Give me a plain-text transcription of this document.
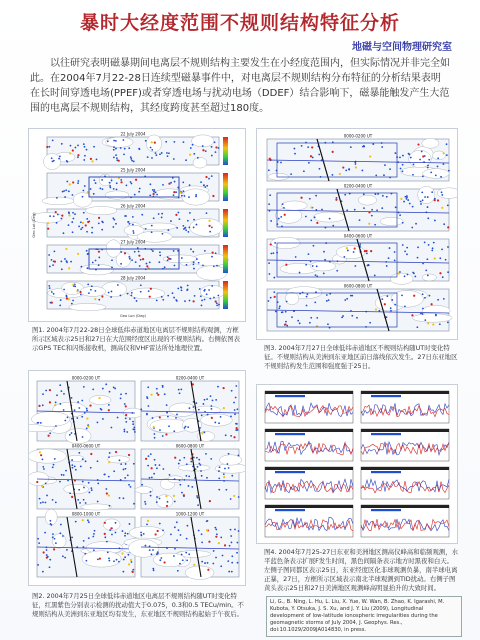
暴时大经度范围不规则结构特征分析
地磁与空间物理研究室
以往研究表明磁暴期间电离层不规则结构主要发生在小经度范围内，但实际情况并非完全如此。在2004年7月22-28日连续型磁暴事件中，对电离层不规则结构分布特征的分析结果表明在长时间穿透电场(PPEF)或者穿透电场与扰动电场（DDEF）结合影响下，磁暴能触发产生大范围的电离层不规则结构，其经度跨度甚至超过180度。
22 July 2004
25 July 2004
26 July 2004
27 July 2004
28 July 2004
Geo Lon (Deg)
Geo Lat (Deg)
图1. 2004年7月22-28日全球低纬赤道地区电离层不规则结构观测，方框所示区域表示25日和27日在大范围经度区出现的不规则结构。右侧依图表示GPS TEC和闪烁接收机，测高仪和VHF雷达所处地理位置。
0000-0200 UT
0200-0400 UT
0400-0600 UT
0600-0800 UT
图3. 2004年7月27日全球低纬赤道地区不规则结构随UT时变化特征。不规则结构从美洲到东亚地区前日落线依次发生。27日东亚地区不规则结构发生范围和强度强于25日。
0000-0200 UT	0200-0400 UT
0400-0600 UT	0600-0800 UT
0800-1000 UT	1000-1200 UT
图2. 2004年7月25日全球低纬赤道地区电离层不规则结构随UT时变化特征，红黑紫色分别表示检测的扰动值大于0.075，0.3和0.5 TECu/min。不规则结构从美洲到东亚地区均有发生，东亚地区不规则结构起始于午夜后。
图4. 2004年7月25-27日东亚和美洲地区测高仪峰高和临频观测，水平蓝色条表示扩展F发生时间，黑色间隔条表示地方时黑夜和白天。左侧子图同都区表示25日，东亚经度区化非球观测负暴，南半球电离正暴，27日，方框所示区域表示南北半球观测到TID扰动。右侧子图黄头表示25日和27日美洲地区观测峰高明显抬升的大致时间。
Li, G., B. Ning, L. Hu, L. Liu, X. Yue, W. Wan, B. Zhao, K. Igarashi, M. Kubota, Y. Otsuka, J. S. Xu, and J. Y. Liu (2009), Longitudinal development of low-latitude ionospheric irregularities during the geomagnetic storms of July 2004, J. Geophys. Res., doi:10.1029/2009JA014830, in press.
